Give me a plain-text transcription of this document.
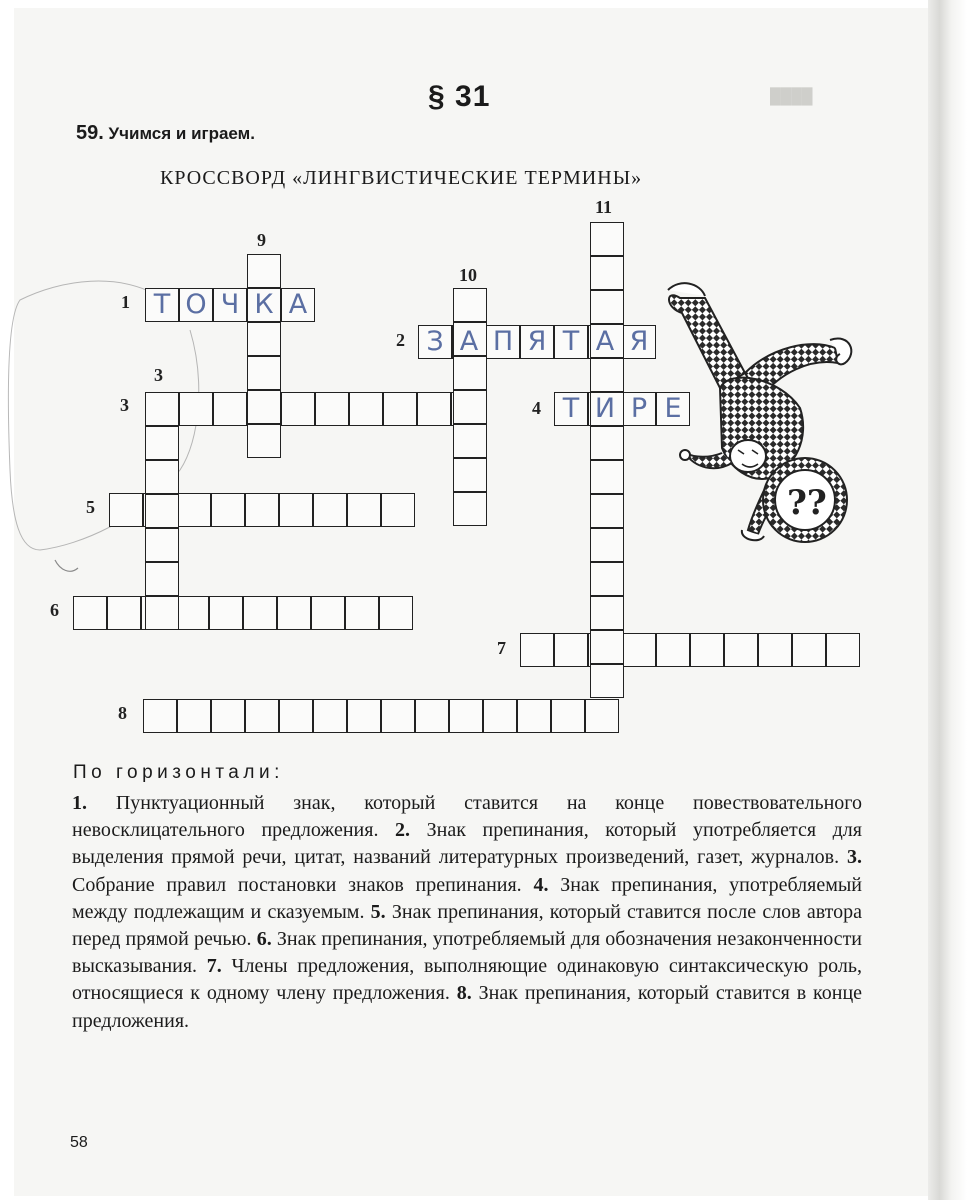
████
§ 31
59. Учимся и играем.
КРОССВОРД «ЛИНГВИСТИЧЕСКИЕ ТЕРМИНЫ»
1
2
3
3	4
5
6
7
8
9
10
11
Т О Ч К А
З А П Я Т А Я
Т И Р Е
??
По горизонтали:
1. Пунктуационный знак, который ставится на конце повествовательного невосклицательного предложения. 2. Знак препинания, который употребляется для выделения прямой речи, цитат, названий литературных произведений, газет, журналов. 3. Собрание правил постановки знаков препинания. 4. Знак препинания, употребляемый между подлежащим и сказуемым. 5. Знак препинания, который ставится после слов автора перед прямой речью. 6. Знак препинания, употребляемый для обозначения незаконченности высказывания. 7. Члены предложения, выполняющие одинаковую синтаксическую роль, относящиеся к одному члену предложения. 8. Знак препинания, который ставится в конце предложения.
58
